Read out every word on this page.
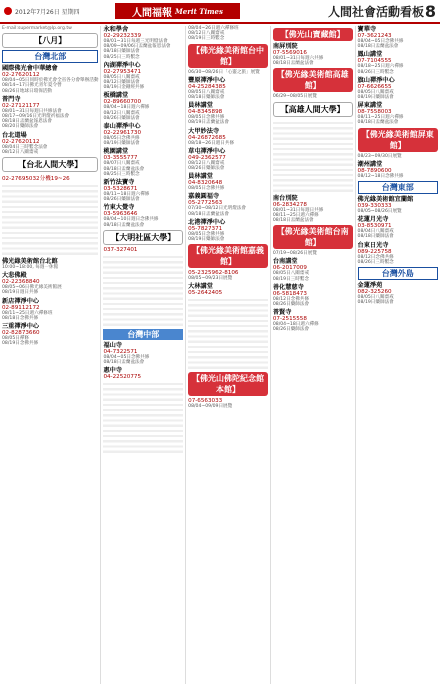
2012年7月26日 星期四	人間福報 Merit Times	人間社會活動看板 8
E-mail:supermarket@lp.org.tw
【八月】
台灣北部
國際佛光會中華總會
02-27620112
08/04~05日同時於佛光會全省各分會舉辦活動
08/14~17日佛光青年夏令營
08/26日地球日環保活動
普門寺
02-27121177
08/01~31日每週日共修法會
08/17~09/16日光明燈祈福法會
08/18日盂蘭盆報恩法會
08/20日藥師法會
台北道場
02-27620112
08/04日三時繫念法會
08/12日八關齋戒
【台北人間大學】
02-27695032分機19~26
佛光緣美術館台北館
10:00~18:00, 每週一休館
大悲佛殿
02-22368840
08/05~06日佛光緣美術館展
08/19日週日共修
新店禪淨中心
02-89112172
08/11~25日週六禪修班
08/18日念佛共修
三重禪淨中心
02-82873660
08/05日禪修
08/19日念佛共修
永和學舍
02-29232339
08/01~31日每週三光明燈法會
08/09~09/06日盂蘭盆報恩法會
08/18日藥師法會
08/25日三時繫念
內湖禪淨中心
02-27953471
08/05日八關齋戒
08/12日藥師法會
08/19日金剛經共修
板橋講堂
02-89660700
08/04~18日週六禪修
08/12日八關齋戒
08/26日藥師法會
泰山禪淨中心
02-22961730
08/05日念佛共修
08/19日藥師法會
桃園講堂
03-3555777
08/07日八關齋戒
08/18日盂蘭盆法會
08/25日三時繫念
新竹法寶寺
03-5328671
08/11~18日週六禪修
08/26日藥師法會
竹東大覺寺
03-5963646
08/04~10日週日念佛共修
08/18日盂蘭盆法會
【大明社區大學】
037-327401
台灣中部
福山寺
04-7322571
08/04~05日念佛共修
08/18日盂蘭盆法會
惠中寺
04-22520775
08/04~26日週六禪修班
08/12日八關齋戒
08/19日三時繫念
【佛光緣美術館台中館】
06/30~08/26日「心靈之旅」展覽
豐原禪淨中心
04-25284385
08/05日八關齋戒
08/18日藥師法會
員林講堂
04-8345898
08/05日念佛共修
08/19日盂蘭盆法會
大甲妙法寺
04-26872685
08/18~26日週日共修
草屯禪淨中心
049-2362577
08/12日八關齋戒
08/26日藥師法會
員林講堂
04-8320648
08/05日念佛共修
嘉義圓福寺
05-2772563
07/30~08/12日光明燈法會
08/18日盂蘭盆法會
北港禪淨中心
05-7827371
08/05日念佛共修
08/19日藥師法會
【佛光緣美術館嘉義館】
05-2325962-8106
08/05~09/23日展覽
大林講堂
05-2642405
【佛光山佛陀紀念館本館】
07-6563033
08/04~09/09日展覽
【佛光山寶藏館】
南屏別院
07-5569016
08/01~31日每週六共修
08/18日盂蘭盆法會
【佛光緣美術館高雄館】
06/29~08/05日展覽
【高雄人間大學】
南台別院
06-2834278
08/01~31日每週日共修
08/11~25日週六禪修
08/18日盂蘭盆法會
【佛光緣美術館台南館】
07/19~08/26日展覽
台南講堂
06-2017009
08/05日八關齋戒
08/19日三時繫念
善化慧慈寺
06-5818473
08/12日念佛共修
08/26日藥師法會
普賢寺
07-2515558
08/04~18日週六禪修
08/26日藥師法會
寶華寺
07-3621243
08/04~05日念佛共修
08/18日盂蘭盆法會
鳳山講堂
07-7104555
08/18~25日週六禪修
08/26日三時繫念
旗山禪淨中心
07-6626655
08/05日八關齋戒
08/19日藥師法會
屏東講堂
08-7558003
08/11~25日週六禪修
08/18日盂蘭盆法會
【佛光緣美術館屏東館】
08/23~09/30日展覽
潮州講堂
08-7890600
08/12~18日念佛共修
台灣東部
佛光緣美術館宜蘭館
039-330333
08/05~08/26日展覽
花蓮月光寺
03-8530971
08/04日八關齋戒
08/18日藥師法會
台東日光寺
089-225758
08/12日念佛共修
08/26日三時繫念
台灣外島
金蓮淨苑
082-325260
08/05日八關齋戒
08/19日藥師法會
